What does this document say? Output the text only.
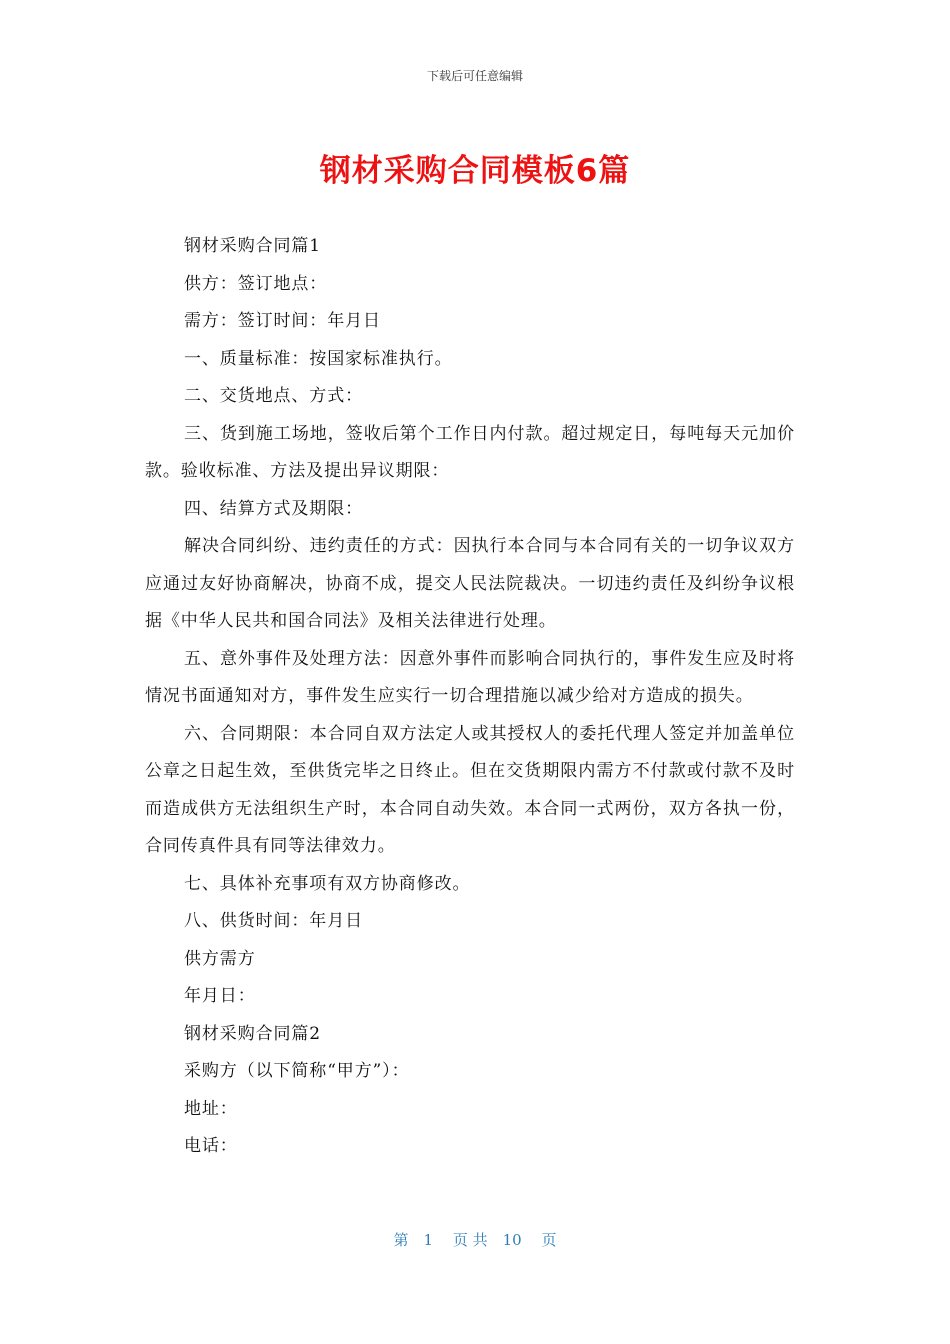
下载后可任意编辑
钢材采购合同模板6篇

钢材采购合同篇1

供方：签订地点：

需方：签订时间：年月日

一、质量标准：按国家标准执行。

二、交货地点、方式：

三、货到施工场地，签收后第个工作日内付款。超过规定日，每吨每天元加价款。验收标准、方法及提出异议期限：

四、结算方式及期限：

解决合同纠纷、违约责任的方式：因执行本合同与本合同有关的一切争议双方应通过友好协商解决，协商不成，提交人民法院裁决。一切违约责任及纠纷争议根据《中华人民共和国合同法》及相关法律进行处理。

五、意外事件及处理方法：因意外事件而影响合同执行的，事件发生应及时将情况书面通知对方，事件发生应实行一切合理措施以减少给对方造成的损失。

六、合同期限：本合同自双方法定人或其授权人的委托代理人签定并加盖单位公章之日起生效，至供货完毕之日终止。但在交货期限内需方不付款或付款不及时而造成供方无法组织生产时，本合同自动失效。本合同一式两份，双方各执一份，合同传真件具有同等法律效力。

七、具体补充事项有双方协商修改。

八、供货时间：年月日

供方需方

年月日：

钢材采购合同篇2

采购方（以下简称“甲方”）：

地址：

电话：

第　1　 页 共　10　 页
